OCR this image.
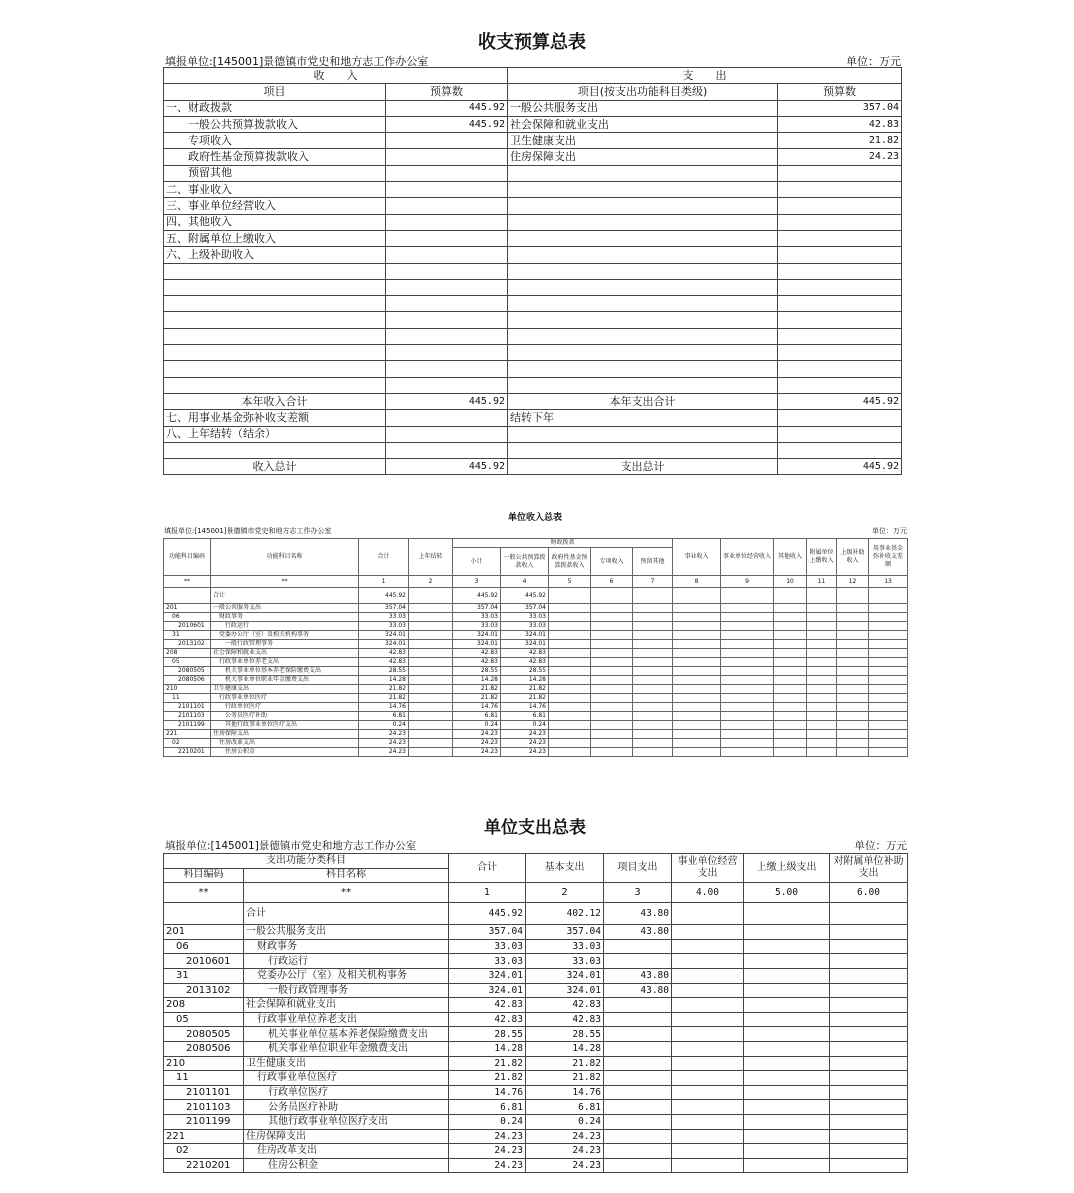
收支预算总表
填报单位:[145001]景德镇市党史和地方志工作办公室	单位：万元
收　　入		支　　出	
项目	预算数	项目(按支出功能科目类级)	预算数
一、财政拨款	445.92	一般公共服务支出	357.04
　　一般公共预算拨款收入	445.92	社会保障和就业支出	42.83
　　专项收入		卫生健康支出	21.82
　　政府性基金预算拨款收入		住房保障支出	24.23
　　预留其他			
二、事业收入			
三、事业单位经营收入			
四、其他收入			
五、附属单位上缴收入			
六、上级补助收入			

本年收入合计	445.92	本年支出合计	445.92
七、用事业基金弥补收支差额		结转下年	
八、上年结转（结余）			

收入总计	445.92	支出总计	445.92
单位收入总表
填报单位:[145001]景德镇市党史和地方志工作办公室	单位：万元
功能科目编码	功能科目名称	合计	上年结转	财政拨款					事业收入	事业单位经营收入	其他收入	附属单位上缴收入	上级补助收入	用事业基金弥补收支差额
				小计	一般公共预算拨款收入	政府性基金预算拨款收入	专项收入	预留其他						
**	**	1	2	3	4	5	6	7	8	9	10	11	12	13
	合计	445.92		445.92	445.92									
201	一般公共服务支出	357.04		357.04	357.04									
06	财政事务	33.03		33.03	33.03									
2010601	行政运行	33.03		33.03	33.03									
31	党委办公厅（室）及相关机构事务	324.01		324.01	324.01									
2013102	一般行政管理事务	324.01		324.01	324.01									
208	社会保障和就业支出	42.83		42.83	42.83									
05	行政事业单位养老支出	42.83		42.83	42.83									
2080505	机关事业单位基本养老保险缴费支出	28.55		28.55	28.55									
2080506	机关事业单位职业年金缴费支出	14.28		14.28	14.28									
210	卫生健康支出	21.82		21.82	21.82									
11	行政事业单位医疗	21.82		21.82	21.82									
2101101	行政单位医疗	14.76		14.76	14.76									
2101103	公务员医疗补助	6.81		6.81	6.81									
2101199	其他行政事业单位医疗支出	0.24		0.24	0.24									
221	住房保障支出	24.23		24.23	24.23									
02	住房改革支出	24.23		24.23	24.23									
2210201	住房公积金	24.23		24.23	24.23									
单位支出总表
填报单位:[145001]景德镇市党史和地方志工作办公室	单位：万元
支出功能分类科目		合计	基本支出	项目支出	事业单位经营支出	上缴上级支出	对附属单位补助支出
科目编码	科目名称						
**	**	1	2	3	4.00	5.00	6.00
	合计	445.92	402.12	43.80			
201	一般公共服务支出	357.04	357.04	43.80			
06	财政事务	33.03	33.03				
2010601	行政运行	33.03	33.03				
31	党委办公厅（室）及相关机构事务	324.01	324.01	43.80			
2013102	一般行政管理事务	324.01	324.01	43.80			
208	社会保障和就业支出	42.83	42.83				
05	行政事业单位养老支出	42.83	42.83				
2080505	机关事业单位基本养老保险缴费支出	28.55	28.55				
2080506	机关事业单位职业年金缴费支出	14.28	14.28				
210	卫生健康支出	21.82	21.82				
11	行政事业单位医疗	21.82	21.82				
2101101	行政单位医疗	14.76	14.76				
2101103	公务员医疗补助	6.81	6.81				
2101199	其他行政事业单位医疗支出	0.24	0.24				
221	住房保障支出	24.23	24.23				
02	住房改革支出	24.23	24.23				
2210201	住房公积金	24.23	24.23				
